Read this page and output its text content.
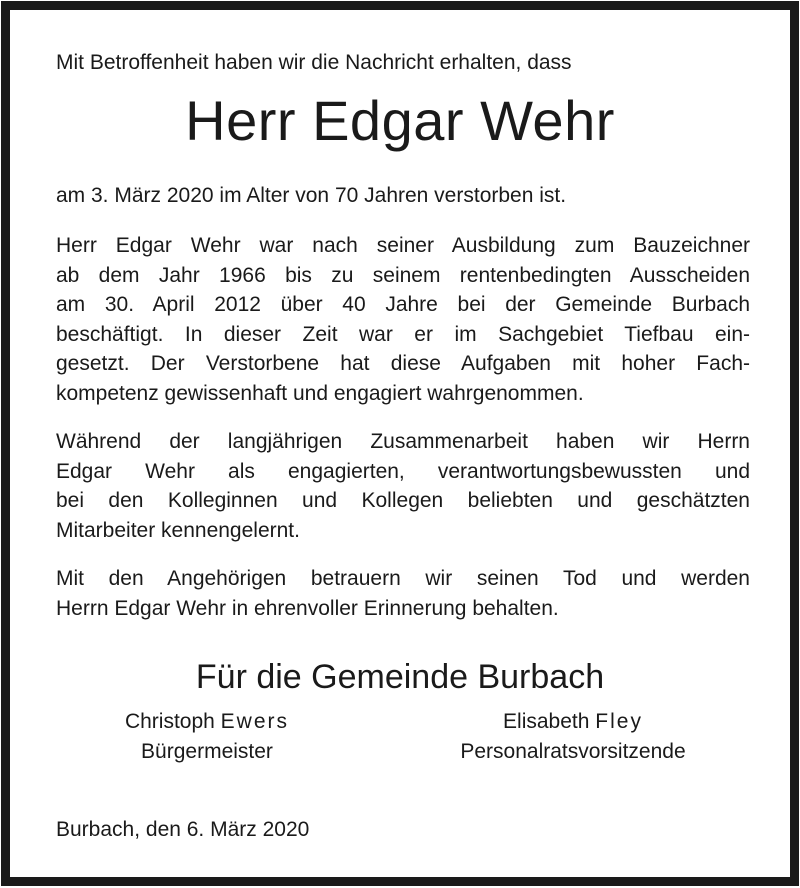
Mit Betroffenheit haben wir die Nachricht erhalten, dass

Herr Edgar Wehr

am 3. März 2020 im Alter von 70 Jahren verstorben ist.

Herr Edgar Wehr war nach seiner Ausbildung zum Bauzeichner
ab dem Jahr 1966 bis zu seinem rentenbedingten Ausscheiden
am 30. April 2012 über 40 Jahre bei der Gemeinde Burbach
beschäftigt. In dieser Zeit war er im Sachgebiet Tiefbau ein-
gesetzt. Der Verstorbene hat diese Aufgaben mit hoher Fach-
kompetenz gewissenhaft und engagiert wahrgenommen.

Während der langjährigen Zusammenarbeit haben wir Herrn
Edgar Wehr als engagierten, verantwortungsbewussten und
bei den Kolleginnen und Kollegen beliebten und geschätzten
Mitarbeiter kennengelernt.

Mit den Angehörigen betrauern wir seinen Tod und werden
Herrn Edgar Wehr in ehrenvoller Erinnerung behalten.

Für die Gemeinde Burbach
Christoph Ewers
Bürgermeister
Elisabeth Fley
Personalratsvorsitzende

Burbach, den 6. März 2020
